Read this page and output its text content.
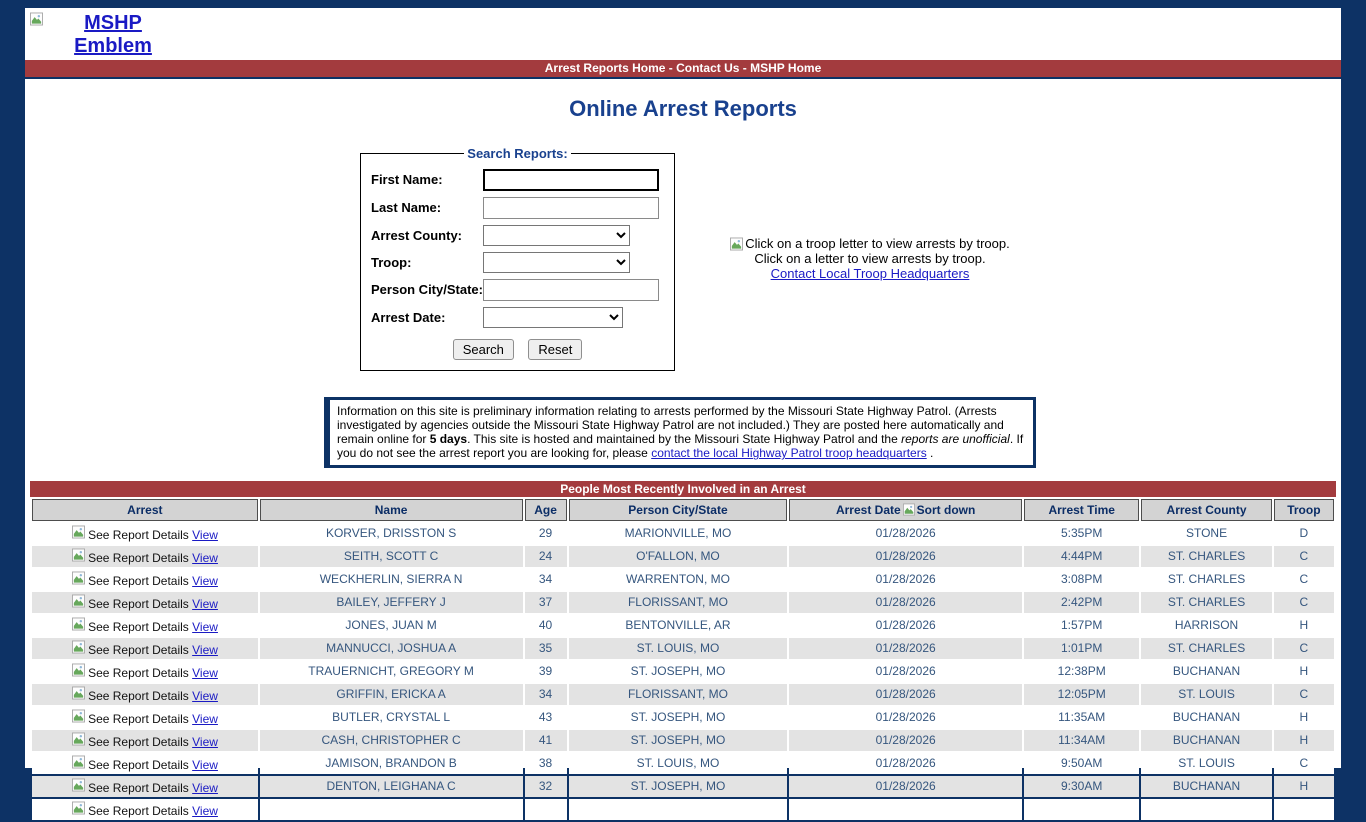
MSHP Emblem
Arrest Reports Home - Contact Us - MSHP Home
Online Arrest Reports
Search Reports:
First Name:
Last Name:
Arrest County:
Troop:
Person City/State:
Arrest Date:
Search	Reset
Click on a troop letter to view arrests by troop.
Click on a letter to view arrests by troop.
Contact Local Troop Headquarters
Information on this site is preliminary information relating to arrests performed by the Missouri State Highway Patrol. (Arrests investigated by agencies outside the Missouri State Highway Patrol are not included.) They are posted here automatically and remain online for 5 days. This site is hosted and maintained by the Missouri State Highway Patrol and the reports are unofficial. If you do not see the arrest report you are looking for, please contact the local Highway Patrol troop headquarters .
People Most Recently Involved in an Arrest
Arrest	Name	Age	Person City/State	Arrest Date Sort down	Arrest Time	Arrest County	Troop
See Report Details View	KORVER, DRISSTON S	29	MARIONVILLE, MO	01/28/2026	5:35PM	STONE	D
See Report Details View	SEITH, SCOTT C	24	O'FALLON, MO	01/28/2026	4:44PM	ST. CHARLES	C
See Report Details View	WECKHERLIN, SIERRA N	34	WARRENTON, MO	01/28/2026	3:08PM	ST. CHARLES	C
See Report Details View	BAILEY, JEFFERY J	37	FLORISSANT, MO	01/28/2026	2:42PM	ST. CHARLES	C
See Report Details View	JONES, JUAN M	40	BENTONVILLE, AR	01/28/2026	1:57PM	HARRISON	H
See Report Details View	MANNUCCI, JOSHUA A	35	ST. LOUIS, MO	01/28/2026	1:01PM	ST. CHARLES	C
See Report Details View	TRAUERNICHT, GREGORY M	39	ST. JOSEPH, MO	01/28/2026	12:38PM	BUCHANAN	H
See Report Details View	GRIFFIN, ERICKA A	34	FLORISSANT, MO	01/28/2026	12:05PM	ST. LOUIS	C
See Report Details View	BUTLER, CRYSTAL L	43	ST. JOSEPH, MO	01/28/2026	11:35AM	BUCHANAN	H
See Report Details View	CASH, CHRISTOPHER C	41	ST. JOSEPH, MO	01/28/2026	11:34AM	BUCHANAN	H
See Report Details View	JAMISON, BRANDON B	38	ST. LOUIS, MO	01/28/2026	9:50AM	ST. LOUIS	C
See Report Details View	DENTON, LEIGHANA C	32	ST. JOSEPH, MO	01/28/2026	9:30AM	BUCHANAN	H
See Report Details View							
